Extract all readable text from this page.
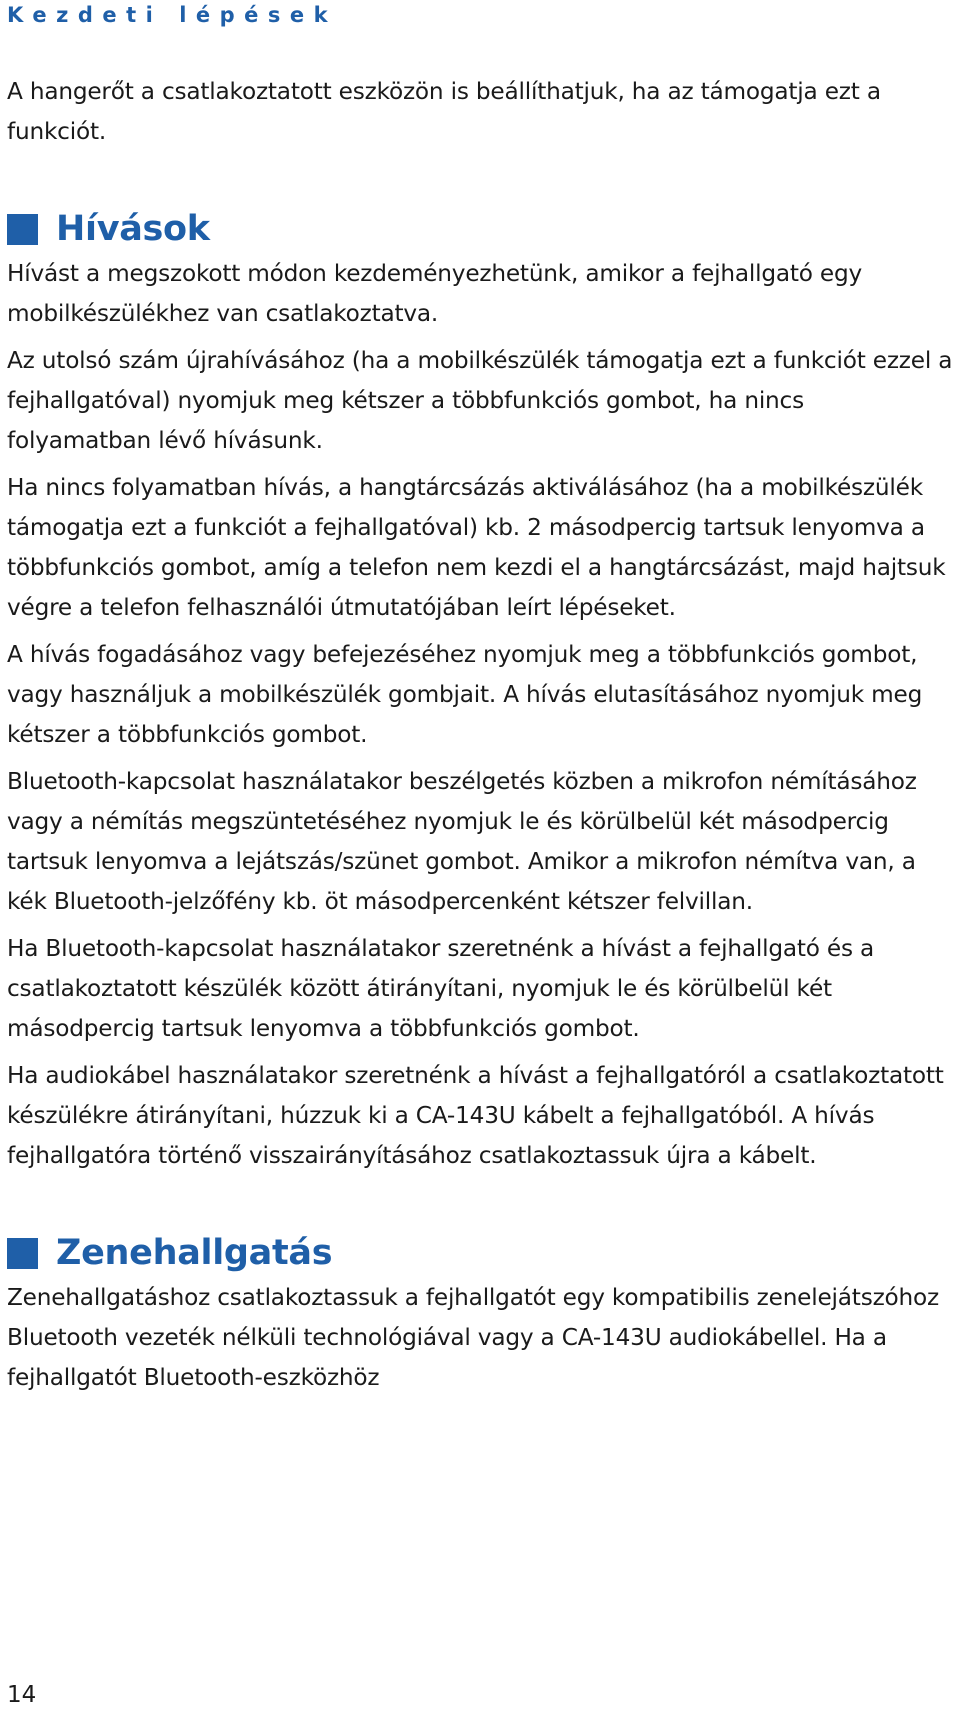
Kezdeti lépések

A hangerőt a csatlakoztatott eszközön is beállíthatjuk, ha az támogatja ezt a funkciót.

Hívások

Hívást a megszokott módon kezdeményezhetünk, amikor a fejhallgató egy mobilkészülékhez van csatlakoztatva.

Az utolsó szám újrahívásához (ha a mobilkészülék támogatja ezt a funkciót ezzel a fejhallgatóval) nyomjuk meg kétszer a többfunkciós gombot, ha nincs folyamatban lévő hívásunk.

Ha nincs folyamatban hívás, a hangtárcsázás aktiválásához (ha a mobilkészülék támogatja ezt a funkciót a fejhallgatóval) kb. 2 másodpercig tartsuk lenyomva a többfunkciós gombot, amíg a telefon nem kezdi el a hangtárcsázást, majd hajtsuk végre a telefon felhasználói útmutatójában leírt lépéseket.

A hívás fogadásához vagy befejezéséhez nyomjuk meg a többfunkciós gombot, vagy használjuk a mobilkészülék gombjait. A hívás elutasításához nyomjuk meg kétszer a többfunkciós gombot.

Bluetooth-kapcsolat használatakor beszélgetés közben a mikrofon némításához vagy a némítás megszüntetéséhez nyomjuk le és körülbelül két másodpercig tartsuk lenyomva a lejátszás/szünet gombot. Amikor a mikrofon némítva van, a kék Bluetooth-jelzőfény kb. öt másodpercenként kétszer felvillan.

Ha Bluetooth-kapcsolat használatakor szeretnénk a hívást a fejhallgató és a csatlakoztatott készülék között átirányítani, nyomjuk le és körülbelül két másodpercig tartsuk lenyomva a többfunkciós gombot.

Ha audiokábel használatakor szeretnénk a hívást a fejhallgatóról a csatlakoztatott készülékre átirányítani, húzzuk ki a CA-143U kábelt a fejhallgatóból. A hívás fejhallgatóra történő visszairányításához csatlakoztassuk újra a kábelt.

Zenehallgatás

Zenehallgatáshoz csatlakoztassuk a fejhallgatót egy kompatibilis zenelejátszóhoz Bluetooth vezeték nélküli technológiával vagy a CA-143U audiokábellel. Ha a fejhallgatót Bluetooth-eszközhöz

14
